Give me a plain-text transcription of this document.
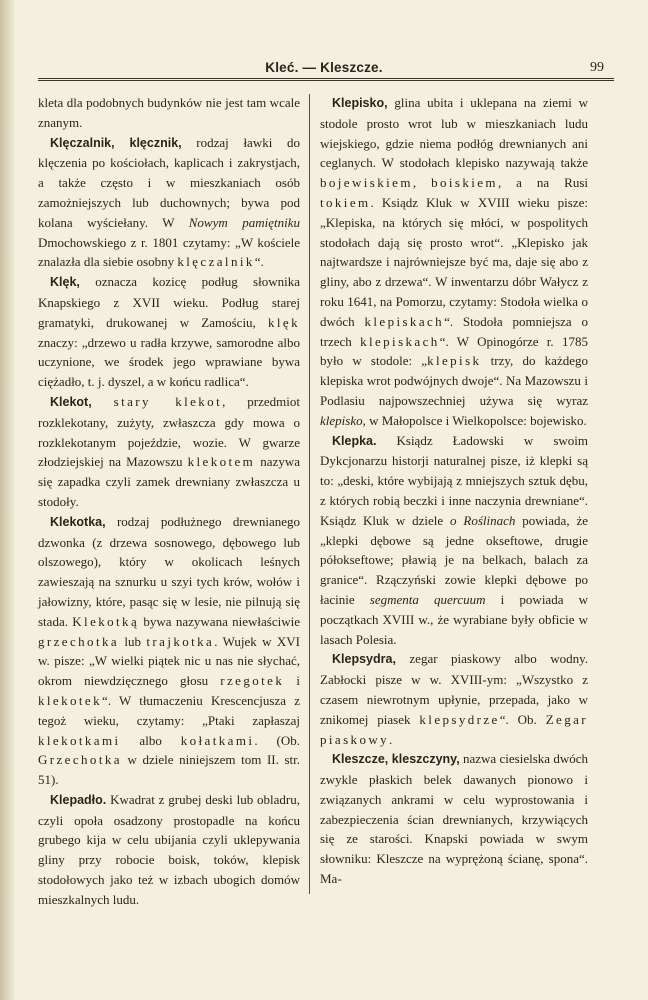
Kleć. — Kleszcze.	99

kleta dla podobnych budynków nie jest tam wcale znanym.

Klęczalnik, klęcznik, rodzaj ławki do klęczenia po kościołach, kaplicach i zakrystjach, a także często i w mieszkaniach osób zamożniejszych lub duchownych; bywa pod kolana wyściełany. W Nowym pamiętniku Dmochowskiego z r. 1801 czytamy: „W kościele znalazła dla siebie osobny klęczalnik“.

Klęk, oznacza kozicę podług słownika Knapskiego z XVII wieku. Podług starej gramatyki, drukowanej w Zamościu, klęk znaczy: „drzewo u radła krzywe, samorodne albo uczynione, we środek jego wprawiane bywa ciężadło, t. j. dyszel, a w końcu radlica“.

Klekot, stary klekot, przedmiot rozklekotany, zużyty, zwłaszcza gdy mowa o rozklekotanym pojeździe, wozie. W gwarze złodziejskiej na Mazowszu klekotem nazywa się zapadka czyli zamek drewniany zwłaszcza u stodoły.

Klekotka, rodzaj podłużnego drewnianego dzwonka (z drzewa sosnowego, dębowego lub olszowego), który w okolicach leśnych zawieszają na sznurku u szyi tych krów, wołów i jałowizny, które, pasąc się w lesie, nie pilnują się stada. Klekotką bywa nazywana niewłaściwie grzechotka lub trajkotka. Wujek w XVI w. pisze: „W wielki piątek nic u nas nie słychać, okrom niewdzięcznego głosu rzegotek i klekotek“. W tłumaczeniu Krescencjusza z tegoż wieku, czytamy: „Ptaki zapłaszaj klekotkami albo kołatkami. (Ob. Grzechotka w dziele niniejszem tom II. str. 51).

Klepadło. Kwadrat z grubej deski lub obladru, czyli opoła osadzony prostopadle na końcu grubego kija w celu ubijania czyli uklepywania gliny przy robocie boisk, toków, klepisk stodołowych jako też w izbach ubogich domów mieszkalnych ludu.

Klepisko, glina ubita i uklepana na ziemi w stodole prosto wrot lub w mieszkaniach ludu wiejskiego, gdzie niema podłóg drewnianych ani ceglanych. W stodołach klepisko nazywają także bojewiskiem, boiskiem, a na Rusi tokiem. Ksiądz Kluk w XVIII wieku pisze: „Klepiska, na których się młóci, w pospolitych stodołach dają się prosto wrot“. „Klepisko jak najtwardsze i najrówniejsze być ma, daje się abo z gliny, abo z drzewa“. W inwentarzu dóbr Wałycz z roku 1641, na Pomorzu, czytamy: Stodoła wielka o dwóch klepiskach“. Stodoła pomniejsza o trzech klepiskach“. W Opinogórze r. 1785 było w stodole: „klepisk trzy, do każdego klepiska wrot podwójnych dwoje“. Na Mazowszu i Podlasiu najpowszechniej używa się wyraz klepisko, w Małopolsce i Wielkopolsce: bojewisko.

Klepka. Ksiądz Ładowski w swoim Dykcjonarzu historji naturalnej pisze, iż klepki są to: „deski, które wybijają z mniejszych sztuk dębu, z których robią beczki i inne naczynia drewniane“. Ksiądz Kluk w dziele o Roślinach powiada, że „klepki dębowe są jedne okseftowe, drugie półokseftowe; pławią je na belkach, balach za granice“. Rzączyński zowie klepki dębowe po łacinie segmenta quercuum i powiada w początkach XVIII w., że wyrabiane były obficie w lasach Polesia.

Klepsydra, zegar piaskowy albo wodny. Zabłocki pisze w w. XVIII-ym: „Wszystko z czasem niewrotnym upłynie, przepada, jako w znikomej piasek klepsydrze“. Ob. Zegar piaskowy.

Kleszcze, kleszczyny, nazwa ciesielska dwóch zwykle płaskich belek dawanych pionowo i związanych ankrami w celu wyprostowania i zabezpieczenia ścian drewnianych, krzywiących się ze starości. Knapski powiada w swym słowniku: Kleszcze na wyprężoną ścianę, spona“. Ma-
